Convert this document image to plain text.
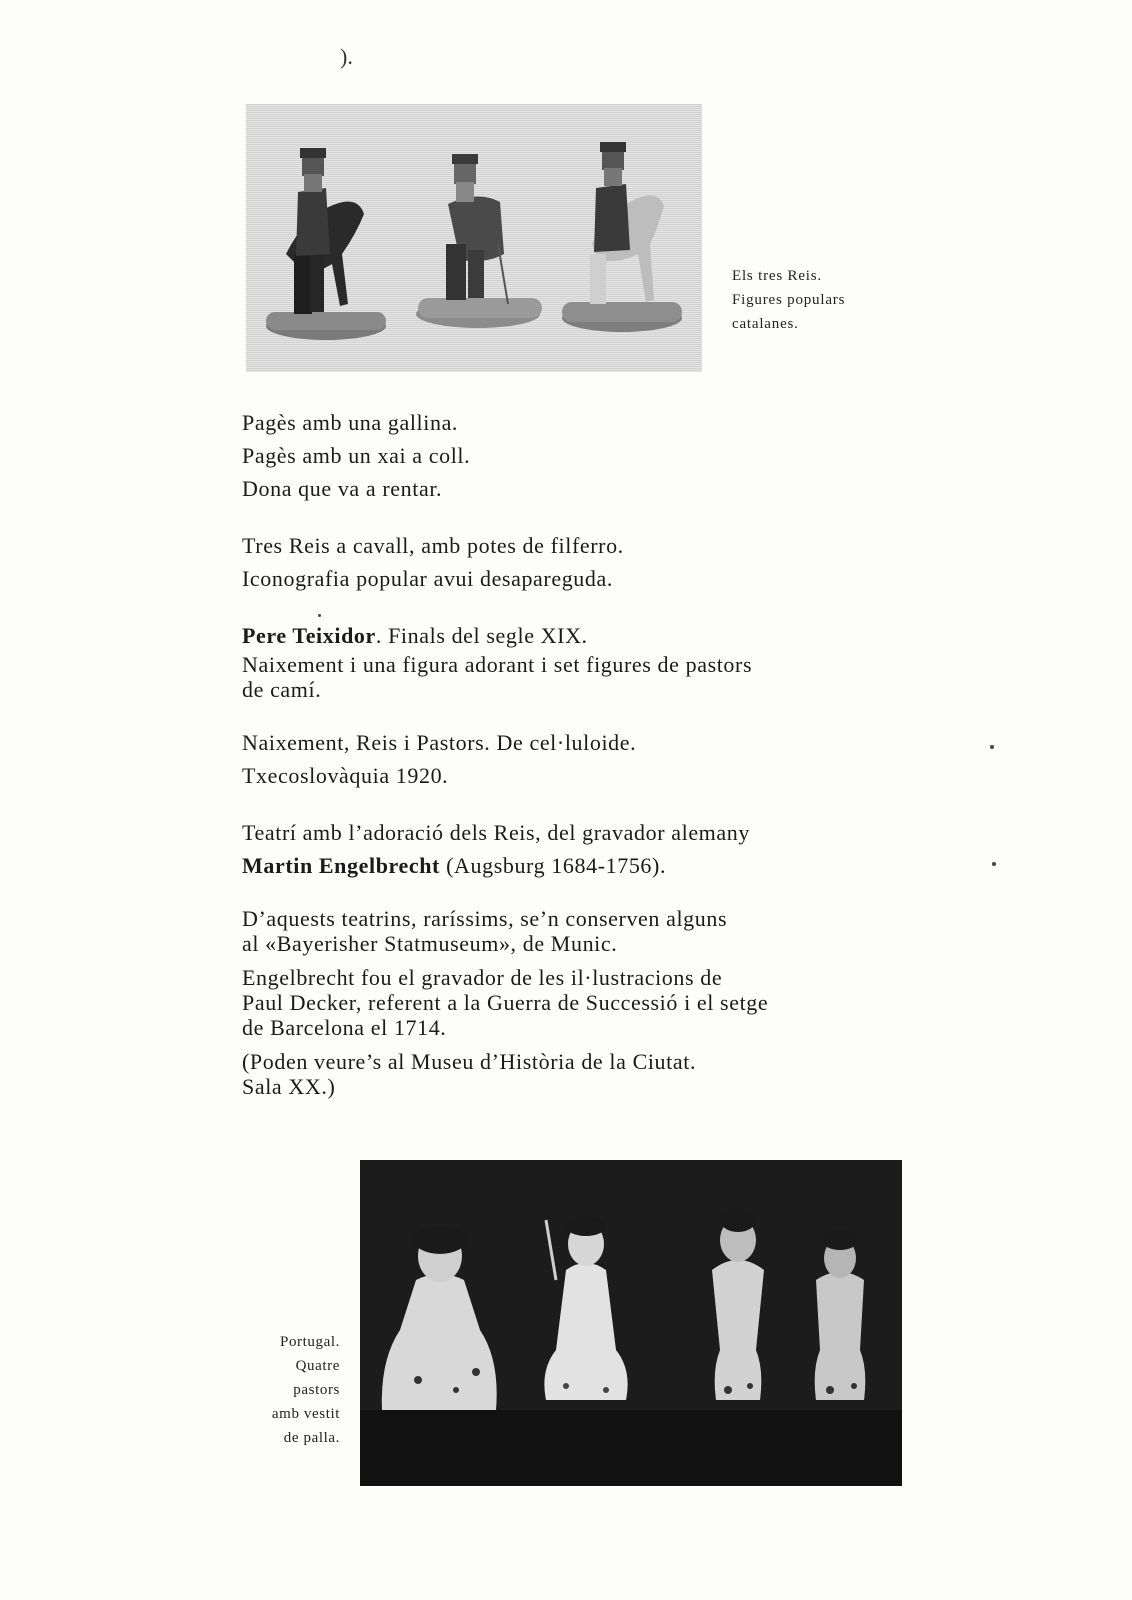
).
Els tres Reis.
Figures populars
catalanes.
Pagès amb una gallina.
Pagès amb un xai a coll.
Dona que va a rentar.
Tres Reis a cavall, amb potes de filferro.
Iconografia popular avui desapareguda.
Pere Teixidor. Finals del segle XIX.
Naixement i una figura adorant i set figures de pastors
de camí.
Naixement, Reis i Pastors. De cel·luloide.
Txecoslovàquia 1920.
Teatrí amb l’adoració dels Reis, del gravador alemany
Martin Engelbrecht (Augsburg 1684-1756).
D’aquests teatrins, raríssims, se’n conserven alguns
al «Bayerisher Statmuseum», de Munic.
Engelbrecht fou el gravador de les il·lustracions de
Paul Decker, referent a la Guerra de Successió i el setge
de Barcelona el 1714.
(Poden veure’s al Museu d’Història de la Ciutat.
Sala XX.)
Portugal.
Quatre
pastors
amb vestit
de palla.
